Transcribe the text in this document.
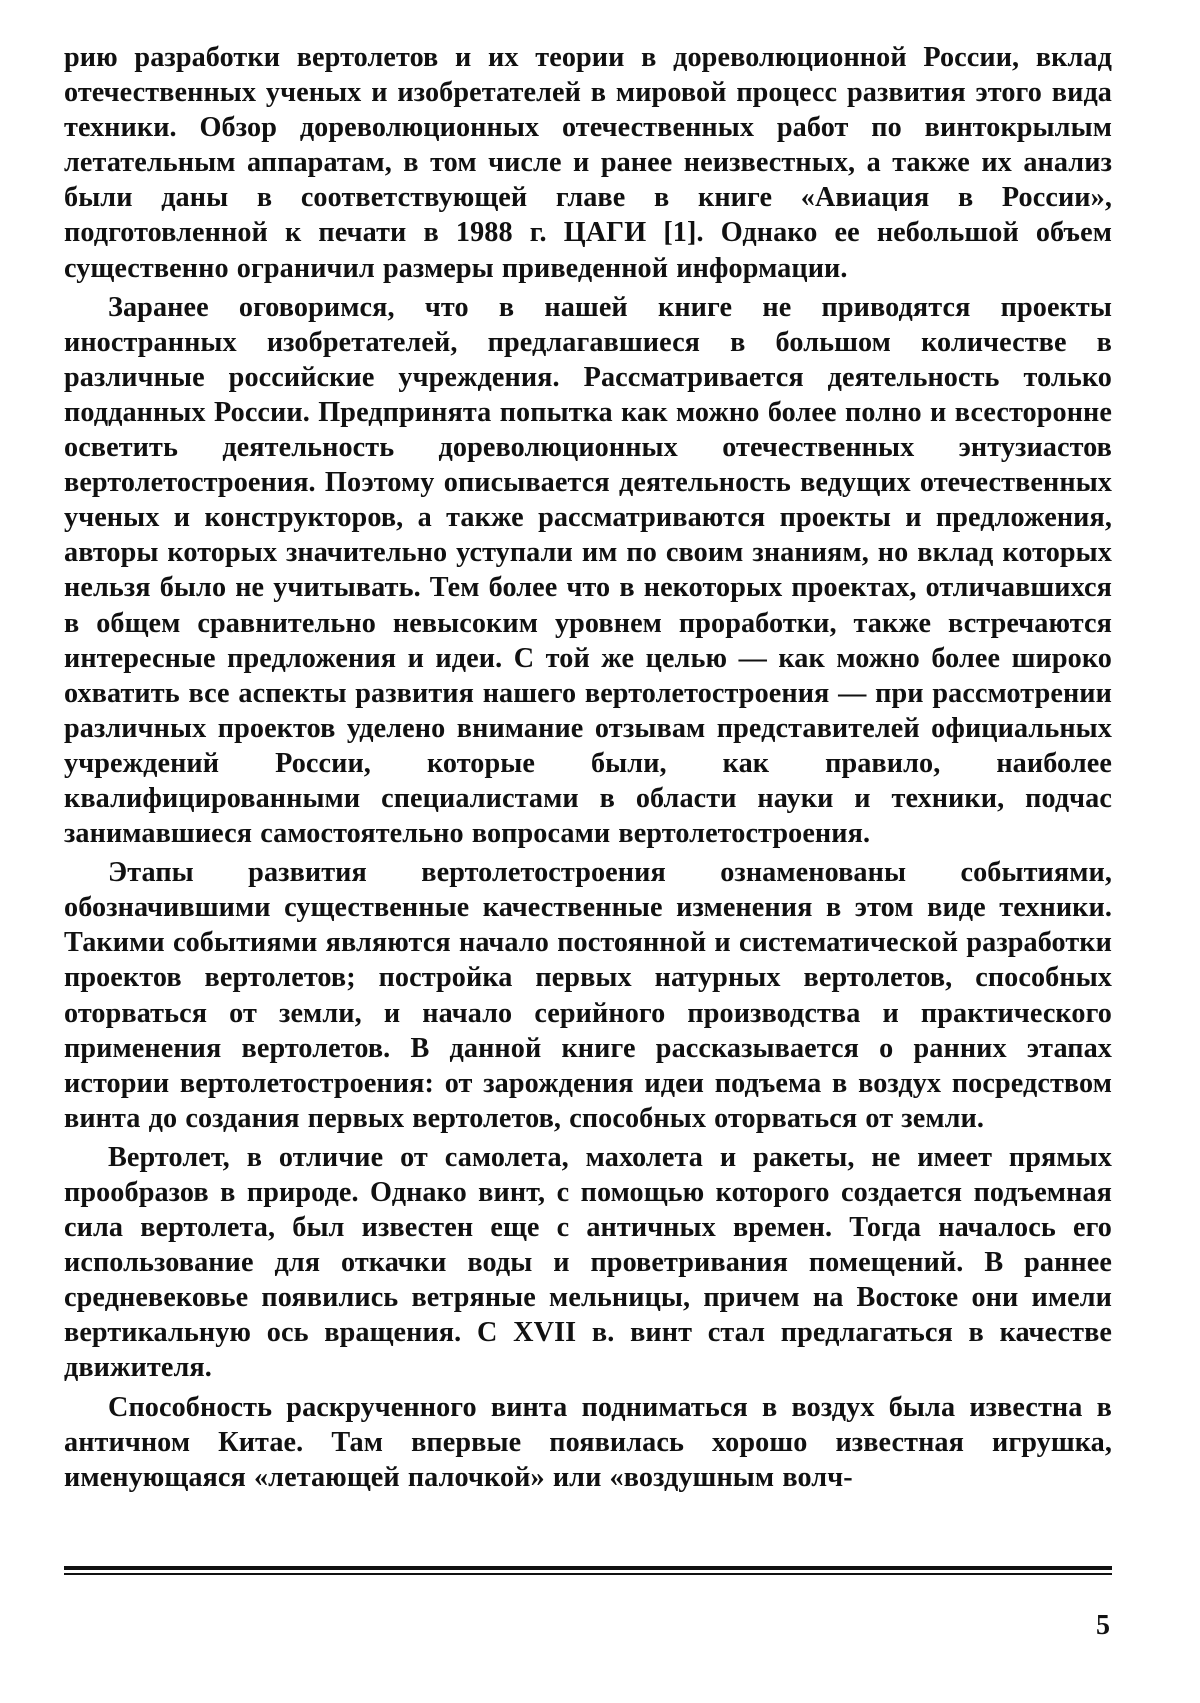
рию разработки вертолетов и их теории в дореволюционной России, вклад отечественных ученых и изобретателей в мировой процесс развития этого вида техники. Обзор дореволюционных отечественных работ по винтокрылым летательным аппаратам, в том числе и ранее неизвестных, а также их анализ были даны в соответствующей главе в книге «Авиация в России», подготовленной к печати в 1988 г. ЦАГИ [1]. Однако ее небольшой объем существенно ограничил размеры приведенной информации.

Заранее оговоримся, что в нашей книге не приводятся проекты иностранных изобретателей, предлагавшиеся в большом количестве в различные российские учреждения. Рассматривается деятельность только подданных России. Предпринята попытка как можно более полно и всесторонне осветить деятельность дореволюционных отечественных энтузиастов вертолетостроения. Поэтому описывается деятельность ведущих отечественных ученых и конструкторов, а также рассматриваются проекты и предложения, авторы которых значительно уступали им по своим знаниям, но вклад которых нельзя было не учитывать. Тем более что в некоторых проектах, отличавшихся в общем сравнительно невысоким уровнем проработки, также встречаются интересные предложения и идеи. С той же целью — как можно более широко охватить все аспекты развития нашего вертолетостроения — при рассмотрении различных проектов уделено внимание отзывам представителей официальных учреждений России, которые были, как правило, наиболее квалифицированными специалистами в области науки и техники, подчас занимавшиеся самостоятельно вопросами вертолетостроения.

Этапы развития вертолетостроения ознаменованы событиями, обозначившими существенные качественные изменения в этом виде техники. Такими событиями являются начало постоянной и систематической разработки проектов вертолетов; постройка первых натурных вертолетов, способных оторваться от земли, и начало серийного производства и практического применения вертолетов. В данной книге рассказывается о ранних этапах истории вертолетостроения: от зарождения идеи подъема в воздух посредством винта до создания первых вертолетов, способных оторваться от земли.

Вертолет, в отличие от самолета, махолета и ракеты, не имеет прямых прообразов в природе. Однако винт, с помощью которого создается подъемная сила вертолета, был известен еще с античных времен. Тогда началось его использование для откачки воды и проветривания помещений. В раннее средневековье появились ветряные мельницы, причем на Востоке они имели вертикальную ось вращения. С XVII в. винт стал предлагаться в качестве движителя.

Способность раскрученного винта подниматься в воздух была известна в античном Китае. Там впервые появилась хорошо известная игрушка, именующаяся «летающей палочкой» или «воздушным волч-

5
